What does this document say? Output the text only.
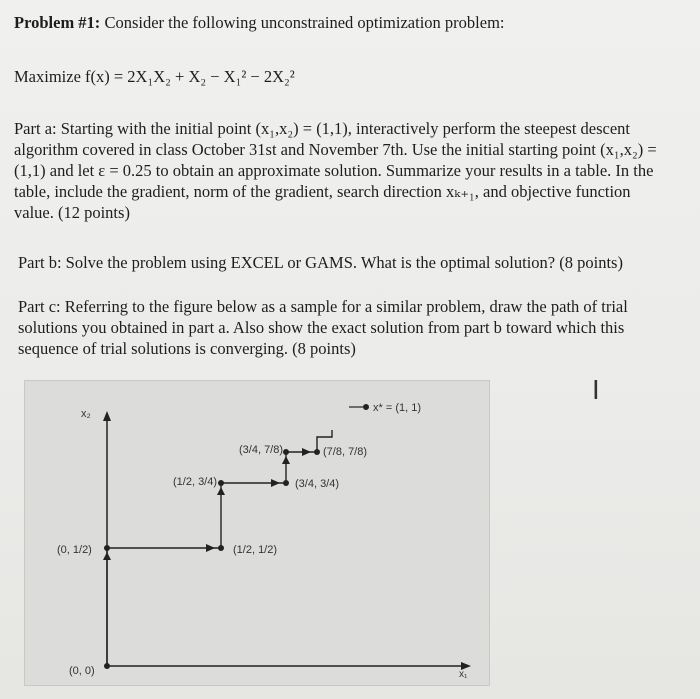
Problem #1: Consider the following unconstrained optimization problem:
Maximize f(x) = 2X₁X₂ + X₂ − X₁² − 2X₂²
Part a: Starting with the initial point (x₁,x₂) = (1,1), interactively perform the steepest descent
algorithm covered in class October 31st and November 7th. Use the initial starting point (x₁,x₂) =
(1,1) and let ε = 0.25 to obtain an approximate solution. Summarize your results in a table. In the
table, include the gradient, norm of the gradient, search direction xₖ₊₁, and objective function
value. (12 points)
Part b: Solve the problem using EXCEL or GAMS. What is the optimal solution? (8 points)
Part c: Referring to the figure below as a sample for a similar problem, draw the path of trial
solutions you obtained in part a. Also show the exact solution from part b toward which this
sequence of trial solutions is converging. (8 points)
I
x₂
x₁
x* = (1, 1)
(0, 0)
(0, 1/2)	(1/2, 1/2)
(1/2, 3/4)	(3/4, 3/4)
(3/4, 7/8)	(7/8, 7/8)
